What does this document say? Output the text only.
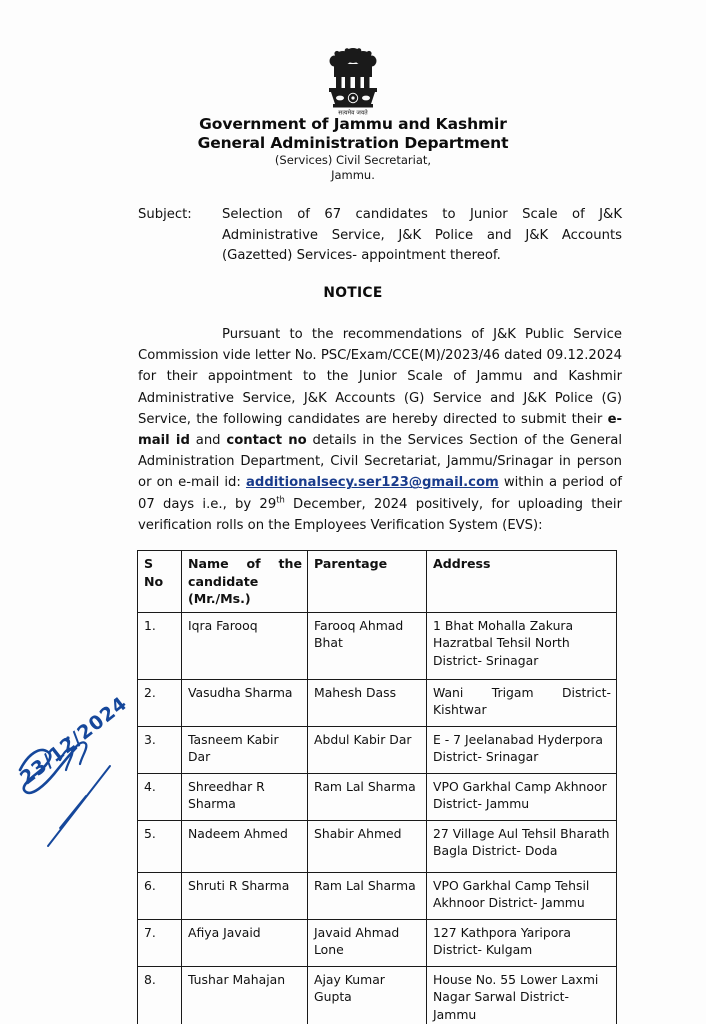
सत्यमेव जयते
Government of Jammu and Kashmir
General Administration Department
(Services) Civil Secretariat,
Jammu.
Subject:	Selection of 67 candidates to Junior Scale of J&K Administrative Service, J&K Police and J&K Accounts (Gazetted) Services- appointment thereof.
NOTICE
Pursuant to the recommendations of J&K Public Service Commission vide letter No. PSC/Exam/CCE(M)/2023/46 dated 09.12.2024 for their appointment to the Junior Scale of Jammu and Kashmir Administrative Service, J&K Accounts (G) Service and J&K Police (G) Service, the following candidates are hereby directed to submit their e-mail id and contact no details in the Services Section of the General Administration Department, Civil Secretariat, Jammu/Srinagar in person or on e-mail id: additionalsecy.ser123@gmail.com within a period of 07 days i.e., by 29th December, 2024 positively, for uploading their verification rolls on the Employees Verification System (EVS):
S No	Name of the candidate (Mr./Ms.)	Parentage	Address
1.	Iqra Farooq	Farooq Ahmad Bhat	1 Bhat Mohalla Zakura Hazratbal Tehsil North District- Srinagar
2.	Vasudha Sharma	Mahesh Dass	Wani Trigam District- Kishtwar
3.	Tasneem Kabir Dar	Abdul Kabir Dar	E - 7 Jeelanabad Hyderpora District- Srinagar
4.	Shreedhar R Sharma	Ram Lal Sharma	VPO Garkhal Camp Akhnoor District- Jammu
5.	Nadeem Ahmed	Shabir Ahmed	27 Village Aul Tehsil Bharath Bagla District- Doda
6.	Shruti R Sharma	Ram Lal Sharma	VPO Garkhal Camp Tehsil Akhnoor District- Jammu
7.	Afiya Javaid	Javaid Ahmad Lone	127 Kathpora Yaripora District- Kulgam
8.	Tushar Mahajan	Ajay Kumar Gupta	House No. 55 Lower Laxmi Nagar Sarwal District- Jammu
23/12/2024
